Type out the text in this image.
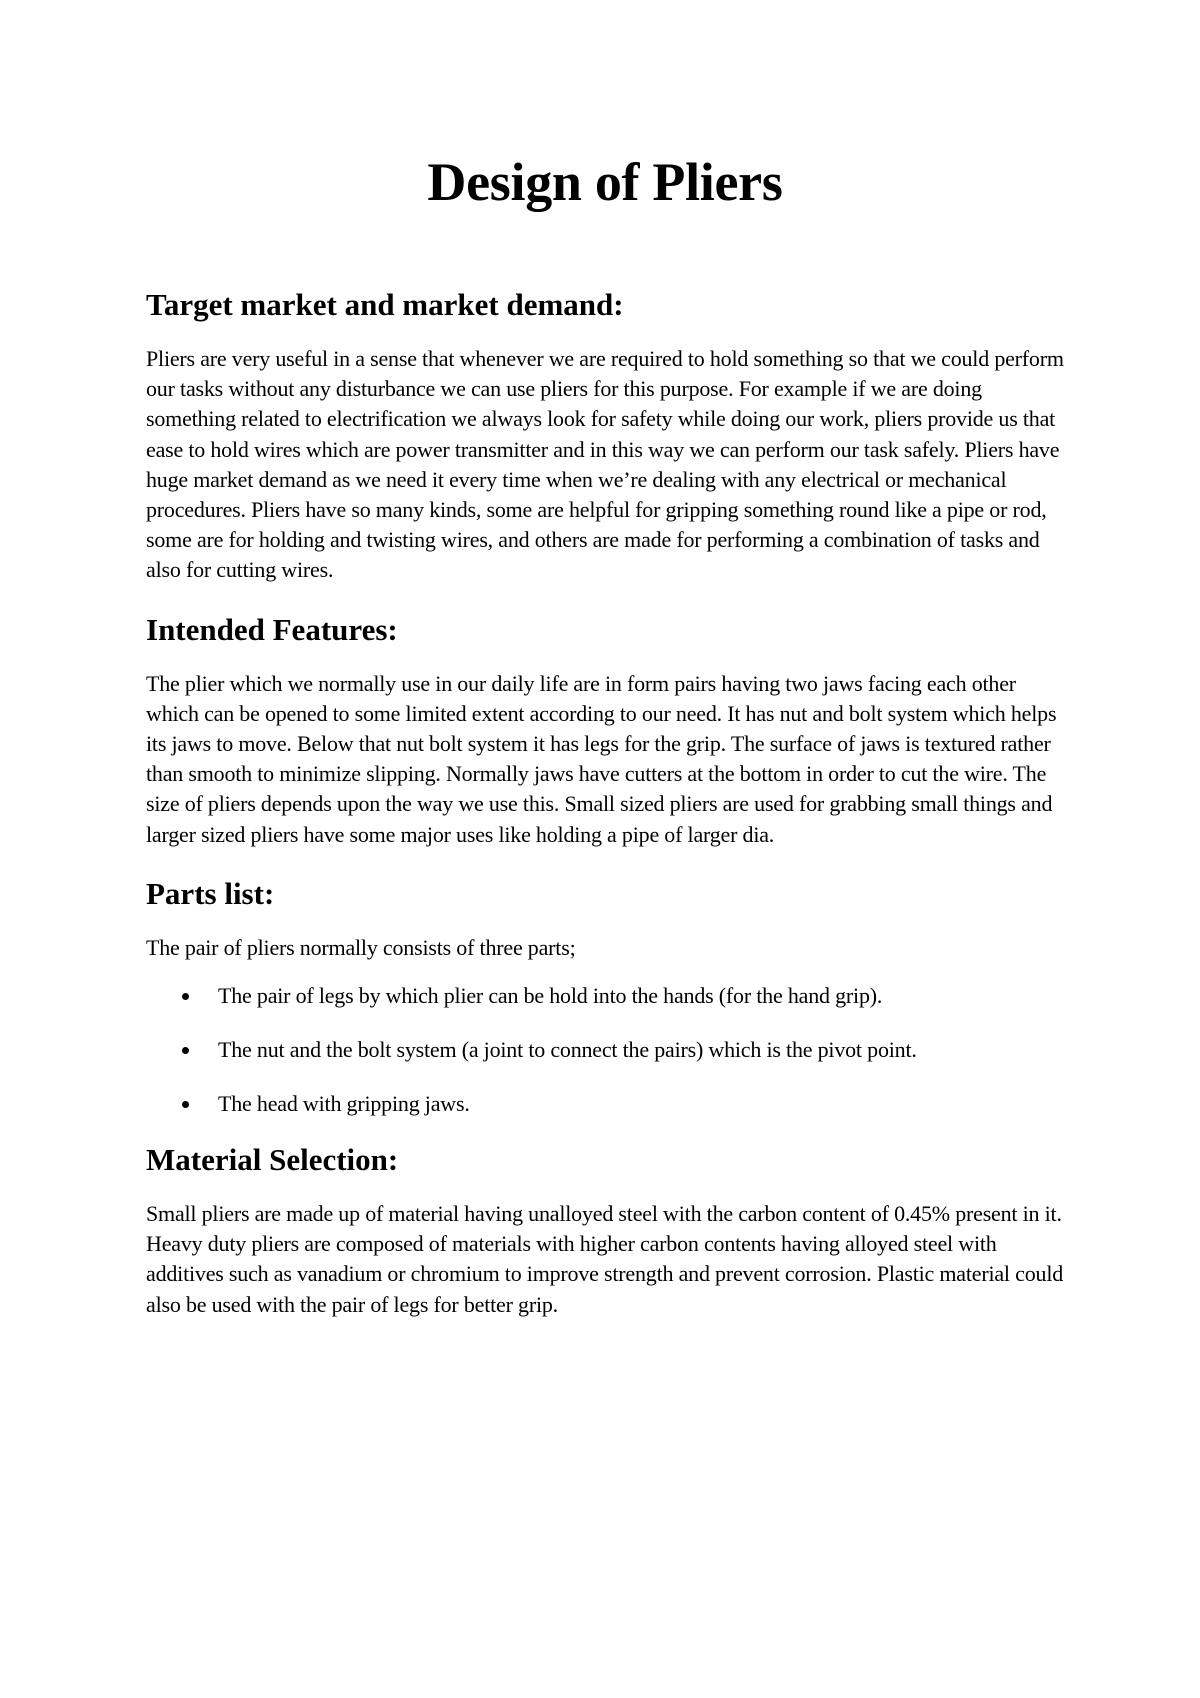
Design of Pliers
Target market and market demand:

Pliers are very useful in a sense that whenever we are required to hold something so that we could perform our tasks without any disturbance we can use pliers for this purpose. For example if we are doing something related to electrification we always look for safety while doing our work, pliers provide us that ease to hold wires which are power transmitter and in this way we can perform our task safely. Pliers have huge market demand as we need it every time when we’re dealing with any electrical or mechanical procedures. Pliers have so many kinds, some are helpful for gripping something round like a pipe or rod, some are for holding and twisting wires, and others are made for performing a combination of tasks and also for cutting wires.

Intended Features:

The plier which we normally use in our daily life are in form pairs having two jaws facing each other which can be opened to some limited extent according to our need. It has nut and bolt system which helps its jaws to move. Below that nut bolt system it has legs for the grip. The surface of jaws is textured rather than smooth to minimize slipping. Normally jaws have cutters at the bottom in order to cut the wire. The size of pliers depends upon the way we use this. Small sized pliers are used for grabbing small things and larger sized pliers have some major uses like holding a pipe of larger dia.

Parts list:

The pair of pliers normally consists of three parts;

The pair of legs by which plier can be hold into the hands (for the hand grip).
The nut and the bolt system (a joint to connect the pairs) which is the pivot point.
The head with gripping jaws.
Material Selection:

Small pliers are made up of material having unalloyed steel with the carbon content of 0.45% present in it. Heavy duty pliers are composed of materials with higher carbon contents having alloyed steel with additives such as vanadium or chromium to improve strength and prevent corrosion. Plastic material could also be used with the pair of legs for better grip.
